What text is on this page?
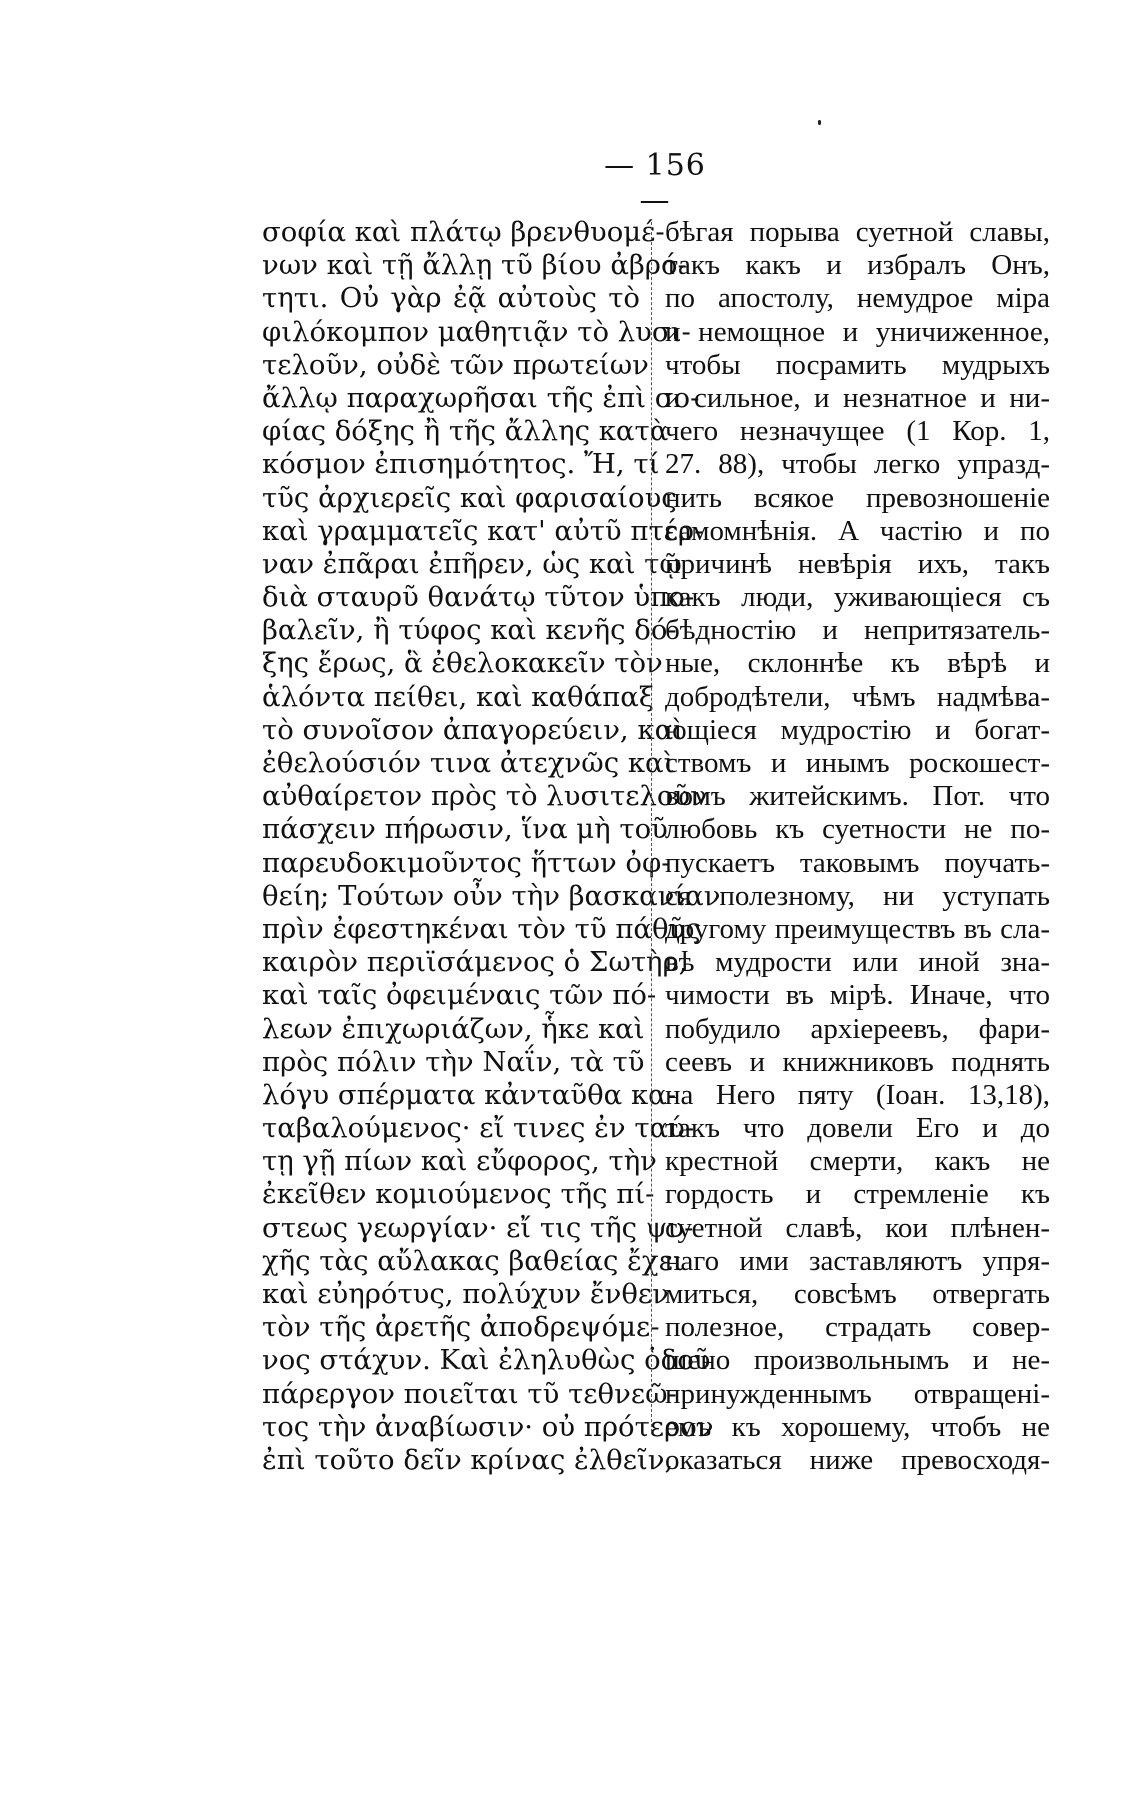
— 156 —
σοφία καὶ πλάτῳ βρενθυομέ-
νων καὶ τῇ ἄλλῃ τῦ βίου ἀβρό-
τητι. Οὐ γὰρ ἐᾷ αὐτοὺς τὸ
φιλόκομπον μαθητιᾷν τὸ λυσι-
τελοῦν, οὐδὲ τῶν πρωτείων
ἄλλῳ παραχωρῆσαι τῆς ἐπὶ σο-
φίας δόξης ἢ τῆς ἄλλης κατὰ
κόσμον ἐπισημότητος. Ἤ, τί
τῦς ἀρχιερεῖς καὶ φαρισαίους
καὶ γραμματεῖς κατ' αὐτῦ πτέρ-
ναν ἐπᾶραι ἐπῆρεν, ὡς καὶ τῷ
διὰ σταυρῦ θανάτῳ τῦτον ὑπο-
βαλεῖν, ἢ τύφος καὶ κενῆς δό-
ξης ἔρως, ἃ ἐθελοκακεῖν τὸν
ἁλόντα πείθει, καὶ καθάπαξ
τὸ συνοῖσον ἀπαγορεύειν, καὶ
ἐθελούσιόν τινα ἀτεχνῶς καὶ
αὐθαίρετον πρὸς τὸ λυσιτελοῦν
πάσχειν πήρωσιν, ἵνα μὴ τοῦ
παρευδοκιμοῦντος ἥττων ὀφ-
θείη; Τούτων οὖν τὴν βασκανίαν
πρὶν ἐφεστηκέναι τὸν τῦ πάθῦς
καιρὸν περιϊσάμενος ὁ Σωτὴρ,
καὶ ταῖς ὀφειμέναις τῶν πό-
λεων ἐπιχωριάζων, ἧκε καὶ
πρὸς πόλιν τὴν Ναΐν, τὰ τῦ
λόγυ σπέρματα κἀνταῦθα κα-
ταβαλούμενος· εἴ τινες ἐν ταύ-
τῃ γῇ πίων καὶ εὔφορος, τὴν
ἐκεῖθεν κομιούμενος τῆς πί-
στεως γεωργίαν· εἴ τις τῆς ψυ-
χῆς τὰς αὔλακας βαθείας ἔχει
καὶ εὐηρότυς, πολύχυν ἔνθεν
τὸν τῆς ἀρετῆς ἀποδρεψόμε-
νος στάχυν. Καὶ ἐληλυθὼς ὁδοῦ
πάρεργον ποιεῖται τῦ τεθνεῶ-
τος τὴν ἀναβίωσιν· οὐ πρότερον
ἐπὶ τοῦτο δεῖν κρίνας ἐλθεῖν,
бѣгая порыва суетной славы,
такъ какъ и избралъ Онъ,
по апостолу, немудрое міра
и немощное и уничиженное,
чтобы посрамить мудрыхъ
и сильное, и незнатное и ни-
чего незначущее (1 Кор. 1,
27. 88), чтобы легко упразд-
нить всякое превозношеніе
самомнѣнія. А частію и по
причинѣ невѣрія ихъ, такъ
какъ люди, уживающіеся съ
бѣдностію и непритязатель-
ные, склоннѣе къ вѣрѣ и
добродѣтели, чѣмъ надмѣва-
ющіеся мудростію и богат-
ствомъ и инымъ роскошест-
вомъ житейскимъ. Пот. что
любовь къ суетности не по-
пускаетъ таковымъ поучать-
ся полезному, ни уступать
другому преимуществъ въ сла-
вѣ мудрости или иной зна-
чимости въ мірѣ. Иначе, что
побудило архіереевъ, фари-
сеевъ и книжниковъ поднять
на Него пяту (Іоан. 13,18),
такъ что довели Его и до
крестной смерти, какъ не
гордость и стремленіе къ
суетной славѣ, кои плѣнен-
наго ими заставляютъ упря-
миться, совсѣмъ отвергать
полезное, страдать совер-
шено произвольнымъ и не-
принужденнымъ отвращені-
емъ къ хорошему, чтобъ не
оказаться ниже превосходя-
